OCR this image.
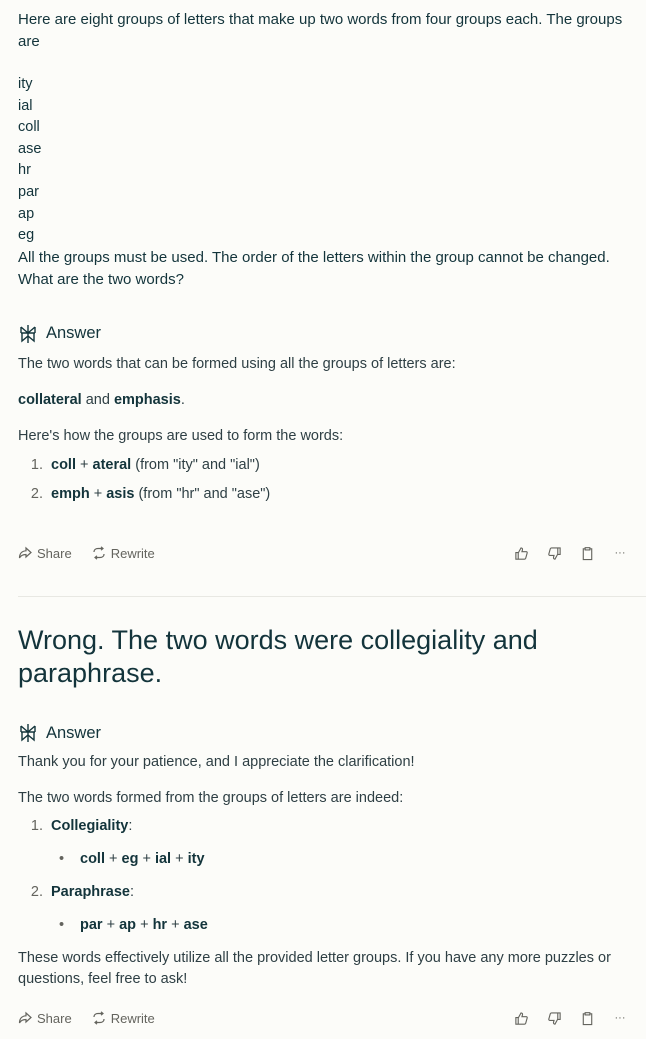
Here are eight groups of letters that make up two words from four groups each. The groups are

ity
ial
coll
ase
hr
par
ap
eg

All the groups must be used. The order of the letters within the group cannot be changed. What are the two words?

Answer

The two words that can be formed using all the groups of letters are:

collateral and emphasis.

Here's how the groups are used to form the words:

1. coll + ateral (from "ity" and "ial")
2. emph + asis (from "hr" and "ase")
Share	Rewrite	···
Wrong. The two words were collegiality and paraphrase.
Answer

Thank you for your patience, and I appreciate the clarification!

The two words formed from the groups of letters are indeed:

1. Collegiality:
•	coll + eg + ial + ity
2. Paraphrase:
•	par + ap + hr + ase

These words effectively utilize all the provided letter groups. If you have any more puzzles or questions, feel free to ask!

Share	Rewrite	···
